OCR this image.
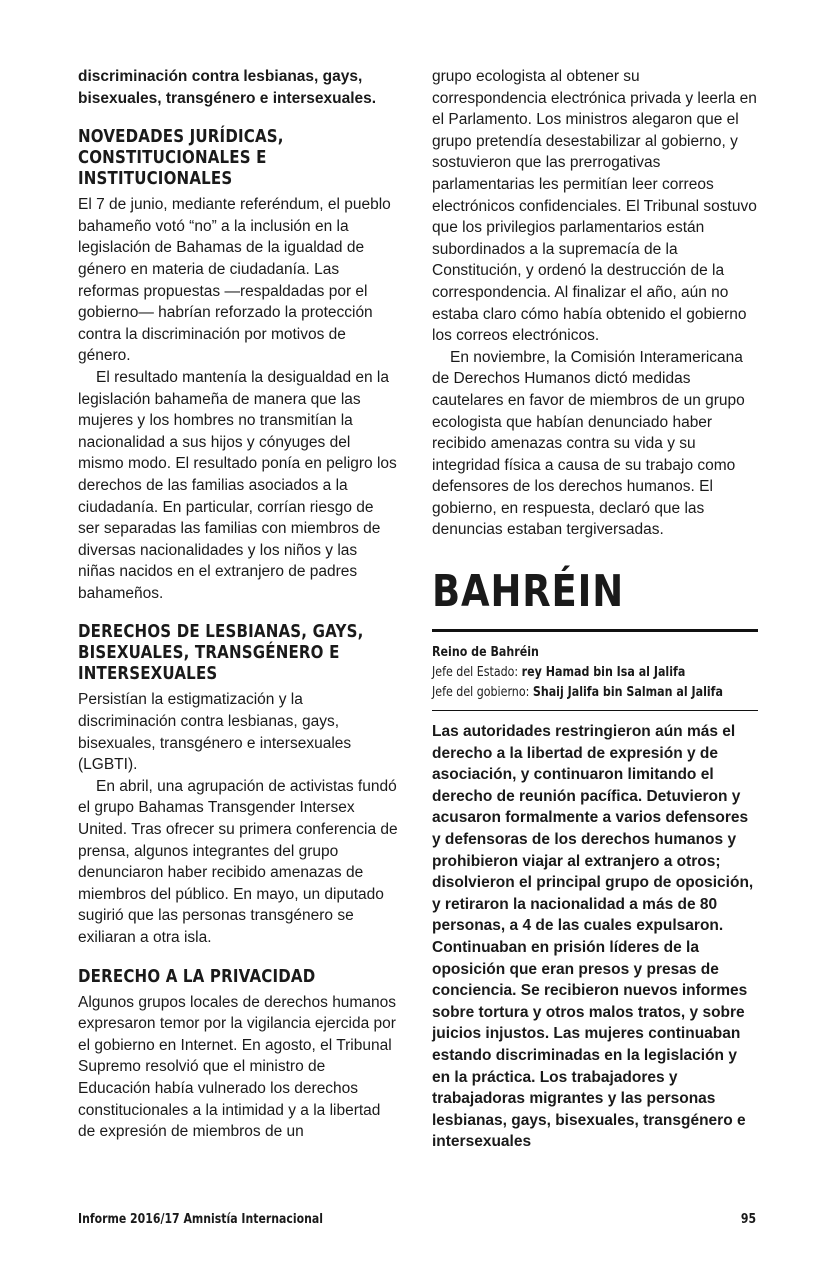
discriminación contra lesbianas, gays, bisexuales, transgénero e intersexuales.

NOVEDADES JURÍDICAS, CONSTITUCIONALES E INSTITUCIONALES

El 7 de junio, mediante referéndum, el pueblo bahameño votó “no” a la inclusión en la legislación de Bahamas de la igualdad de género en materia de ciudadanía. Las reformas propuestas —respaldadas por el gobierno— habrían reforzado la protección contra la discriminación por motivos de género.

El resultado mantenía la desigualdad en la legislación bahameña de manera que las mujeres y los hombres no transmitían la nacionalidad a sus hijos y cónyuges del mismo modo. El resultado ponía en peligro los derechos de las familias asociados a la ciudadanía. En particular, corrían riesgo de ser separadas las familias con miembros de diversas nacionalidades y los niños y las niñas nacidos en el extranjero de padres bahameños.

DERECHOS DE LESBIANAS, GAYS, BISEXUALES, TRANSGÉNERO E INTERSEXUALES

Persistían la estigmatización y la discriminación contra lesbianas, gays, bisexuales, transgénero e intersexuales (LGBTI).

En abril, una agrupación de activistas fundó el grupo Bahamas Transgender Intersex United. Tras ofrecer su primera conferencia de prensa, algunos integrantes del grupo denunciaron haber recibido amenazas de miembros del público. En mayo, un diputado sugirió que las personas transgénero se exiliaran a otra isla.

DERECHO A LA PRIVACIDAD

Algunos grupos locales de derechos humanos expresaron temor por la vigilancia ejercida por el gobierno en Internet. En agosto, el Tribunal Supremo resolvió que el ministro de Educación había vulnerado los derechos constitucionales a la intimidad y a la libertad de expresión de miembros de un

grupo ecologista al obtener su correspondencia electrónica privada y leerla en el Parlamento. Los ministros alegaron que el grupo pretendía desestabilizar al gobierno, y sostuvieron que las prerrogativas parlamentarias les permitían leer correos electrónicos confidenciales. El Tribunal sostuvo que los privilegios parlamentarios están subordinados a la supremacía de la Constitución, y ordenó la destrucción de la correspondencia. Al finalizar el año, aún no estaba claro cómo había obtenido el gobierno los correos electrónicos.

En noviembre, la Comisión Interamericana de Derechos Humanos dictó medidas cautelares en favor de miembros de un grupo ecologista que habían denunciado haber recibido amenazas contra su vida y su integridad física a causa de su trabajo como defensores de los derechos humanos. El gobierno, en respuesta, declaró que las denuncias estaban tergiversadas.

BAHRÉIN
Reino de Bahréin
Jefe del Estado: rey Hamad bin Isa al Jalifa
Jefe del gobierno: Shaij Jalifa bin Salman al Jalifa

Las autoridades restringieron aún más el derecho a la libertad de expresión y de asociación, y continuaron limitando el derecho de reunión pacífica. Detuvieron y acusaron formalmente a varios defensores y defensoras de los derechos humanos y prohibieron viajar al extranjero a otros; disolvieron el principal grupo de oposición, y retiraron la nacionalidad a más de 80 personas, a 4 de las cuales expulsaron. Continuaban en prisión líderes de la oposición que eran presos y presas de conciencia. Se recibieron nuevos informes sobre tortura y otros malos tratos, y sobre juicios injustos. Las mujeres continuaban estando discriminadas en la legislación y en la práctica. Los trabajadores y trabajadoras migrantes y las personas lesbianas, gays, bisexuales, transgénero e intersexuales

Informe 2016/17 Amnistía Internacional	95
